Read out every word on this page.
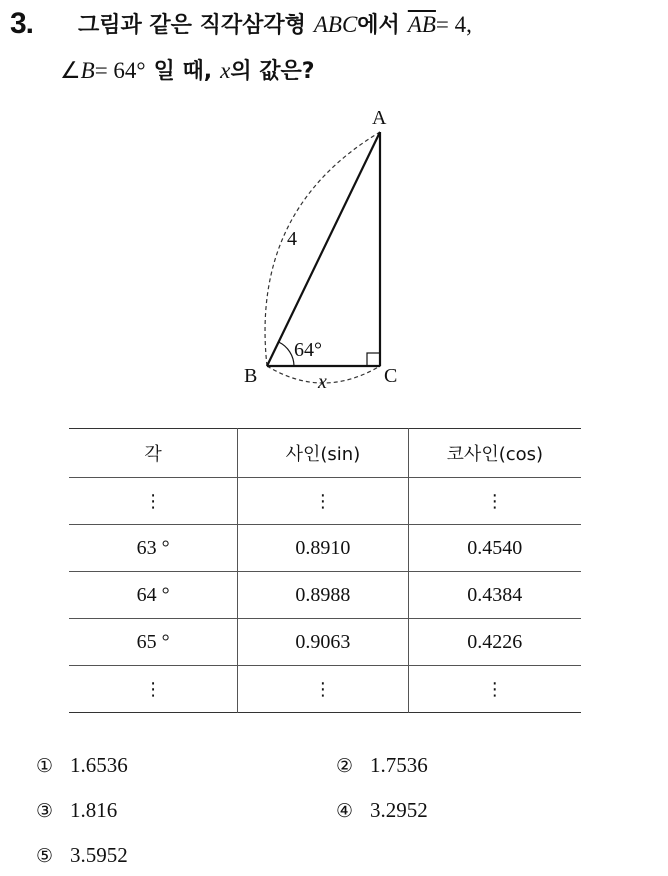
3. 그림과 같은 직각삼각형 ABC에서 $\overline{AB}= 4$,
∠B= 64° 일 때, x의 값은?
A
B	C
4
64°
x
각	사인(sin)	코사인(cos)
⋮	⋮	⋮
63 °	0.8910	0.4540
64 °	0.8988	0.4384
65 °	0.9063	0.4226
⋮	⋮	⋮
① 1.6536	② 1.7536
③ 1.816	④ 3.2952
⑤ 3.5952
